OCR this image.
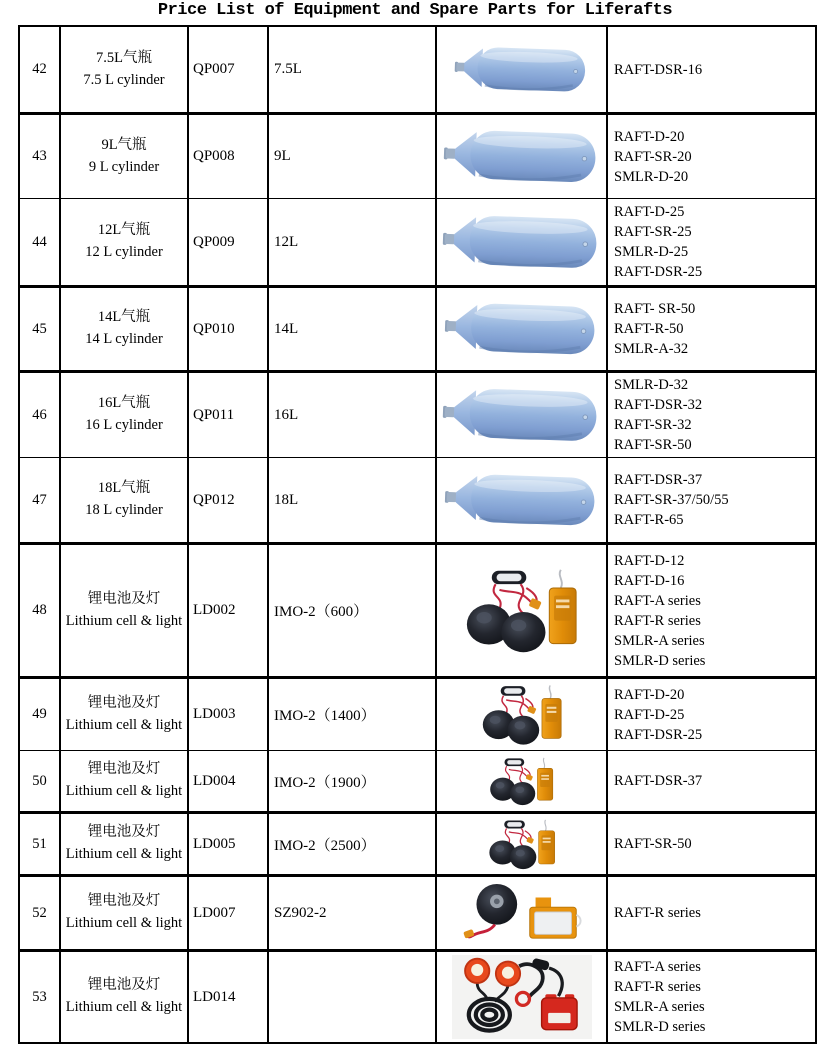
Price List of Equipment and Spare Parts for Liferafts
42
7.5L气瓶
7.5 L cylinder
QP007	7.5L	RAFT-DSR-16
43
9L气瓶
9 L cylinder
QP008	9L
RAFT-D-20
RAFT-SR-20
SMLR-D-20
44
12L气瓶
12 L cylinder
QP009	12L
RAFT-D-25
RAFT-SR-25
SMLR-D-25
RAFT-DSR-25
45
14L气瓶
14 L cylinder
QP010	14L
RAFT- SR-50
RAFT-R-50
SMLR-A-32
46
16L气瓶
16 L cylinder
QP011	16L
SMLR-D-32
RAFT-DSR-32
RAFT-SR-32
RAFT-SR-50
47
18L气瓶
18 L cylinder
QP012	18L
RAFT-DSR-37
RAFT-SR-37/50/55
RAFT-R-65
48
锂电池及灯
Lithium cell & light
LD002	IMO-2（600）
RAFT-D-12
RAFT-D-16
RAFT-A series
RAFT-R series
SMLR-A series
SMLR-D series
49
锂电池及灯
Lithium cell & light
LD003	IMO-2（1400）
RAFT-D-20
RAFT-D-25
RAFT-DSR-25
50
锂电池及灯
Lithium cell & light
LD004	IMO-2（1900）	RAFT-DSR-37
51
锂电池及灯
Lithium cell & light
LD005	IMO-2（2500）	RAFT-SR-50
52
锂电池及灯
Lithium cell & light
LD007	SZ902-2	RAFT-R series
53
锂电池及灯
Lithium cell & light
LD014
RAFT-A series
RAFT-R series
SMLR-A series
SMLR-D series
